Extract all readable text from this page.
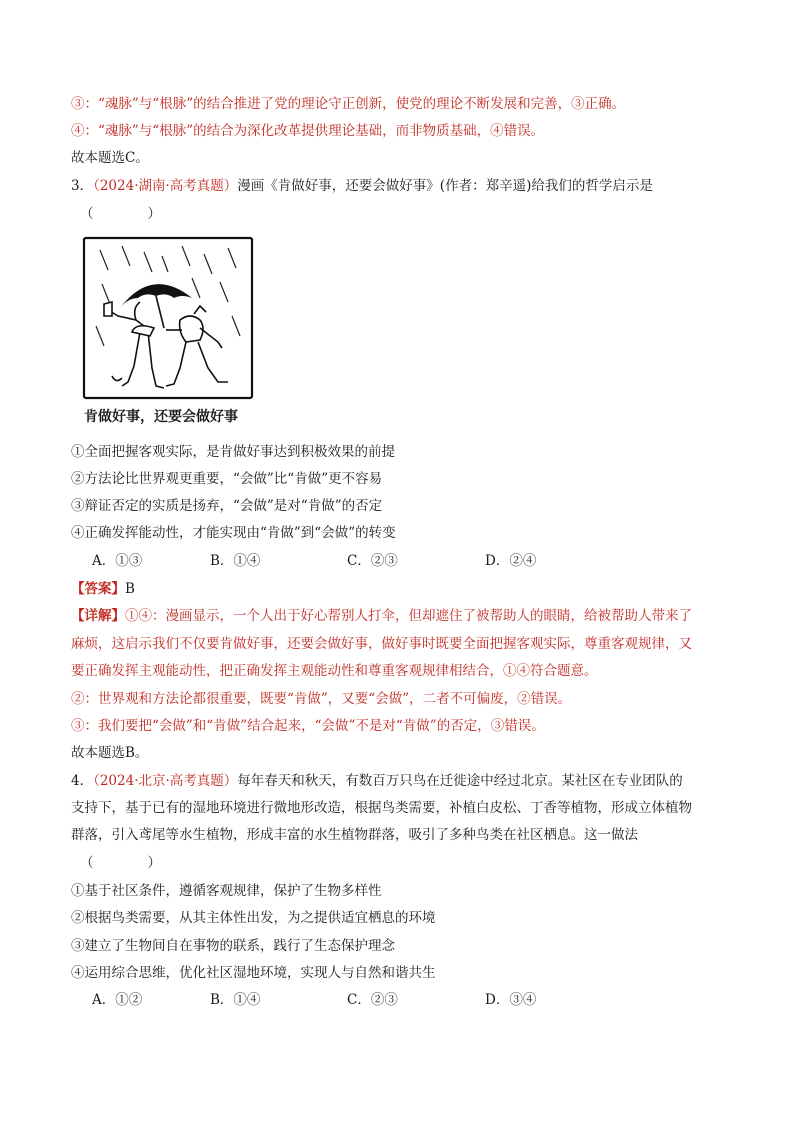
③：“魂脉”与“根脉”的结合推进了党的理论守正创新，使党的理论不断发展和完善，③正确。
④：“魂脉”与“根脉”的结合为深化改革提供理论基础，而非物质基础，④错误。
故本题选C。
3．（2024·湖南·高考真题）漫画《肯做好事，还要会做好事》(作者：郑辛遥)给我们的哲学启示是
（　　　　）
肯做好事，还要会做好事
①全面把握客观实际，是肯做好事达到积极效果的前提
②方法论比世界观更重要，“会做”比“肯做”更不容易
③辩证否定的实质是扬弃，“会做”是对“肯做”的否定
④正确发挥能动性，才能实现由“肯做”到“会做”的转变
A．①③	B．①④	C．②③	D．②④
【答案】B
【详解】①④：漫画显示，一个人出于好心帮别人打伞，但却遮住了被帮助人的眼睛，给被帮助人带来了
麻烦，这启示我们不仅要肯做好事，还要会做好事，做好事时既要全面把握客观实际，尊重客观规律，又
要正确发挥主观能动性，把正确发挥主观能动性和尊重客观规律相结合，①④符合题意。
②：世界观和方法论都很重要，既要“肯做”，又要“会做”，二者不可偏废，②错误。
③：我们要把“会做”和“肯做”结合起来，“会做”不是对“肯做”的否定，③错误。
故本题选B。
4．（2024·北京·高考真题）每年春天和秋天，有数百万只鸟在迁徙途中经过北京。某社区在专业团队的
支持下，基于已有的湿地环境进行微地形改造，根据鸟类需要，补植白皮松、丁香等植物，形成立体植物
群落，引入鸢尾等水生植物，形成丰富的水生植物群落，吸引了多种鸟类在社区栖息。这一做法
（　　　　）
①基于社区条件，遵循客观规律，保护了生物多样性
②根据鸟类需要，从其主体性出发，为之提供适宜栖息的环境
③建立了生物间自在事物的联系，践行了生态保护理念
④运用综合思维，优化社区湿地环境，实现人与自然和谐共生
A．①②	B．①④	C．②③	D．③④
